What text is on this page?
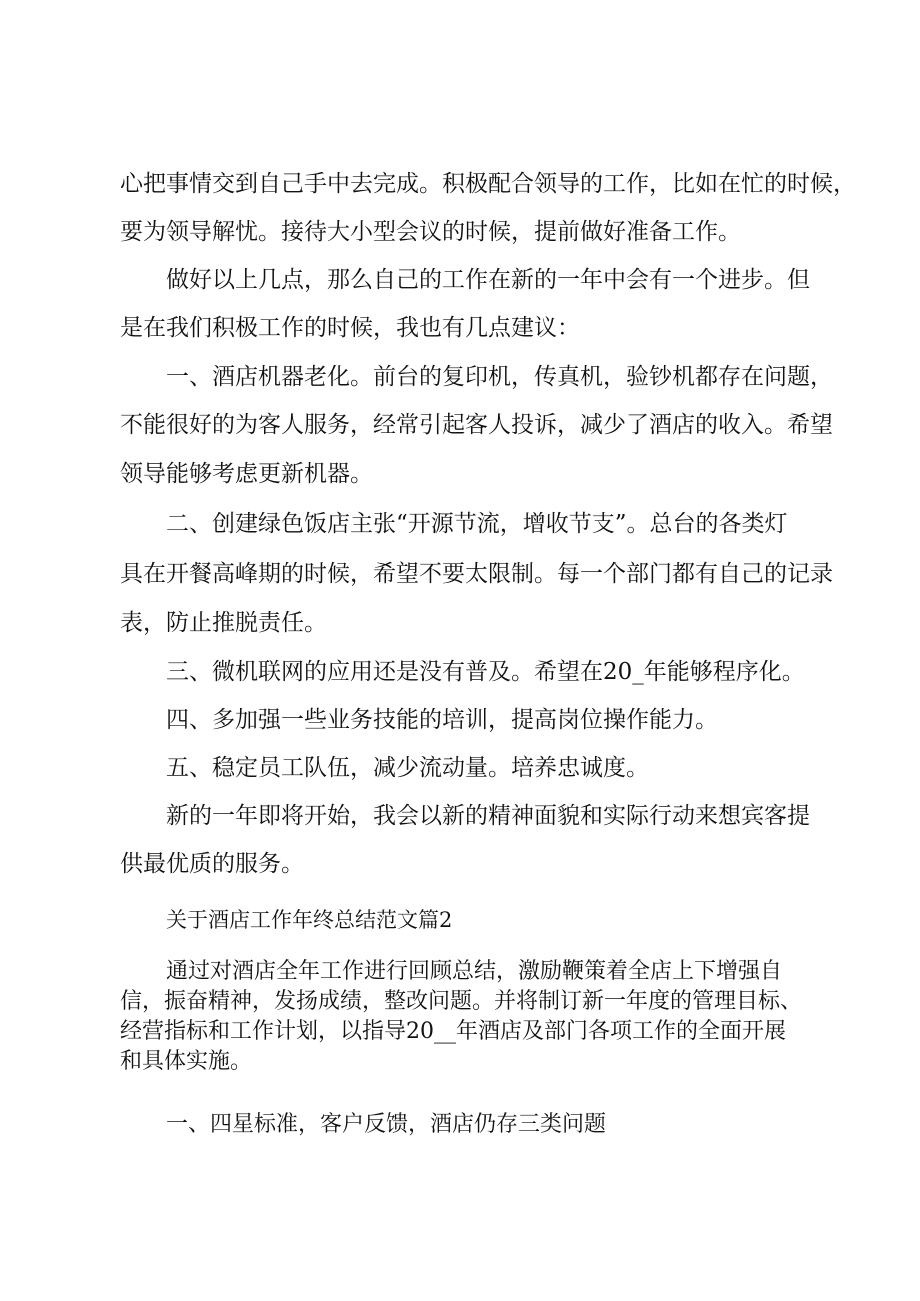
心把事情交到自己手中去完成。积极配合领导的工作，比如在忙的时候，
要为领导解忧。接待大小型会议的时候，提前做好准备工作。
做好以上几点，那么自己的工作在新的一年中会有一个进步。但
是在我们积极工作的时候，我也有几点建议：
一、酒店机器老化。前台的复印机，传真机，验钞机都存在问题，
不能很好的为客人服务，经常引起客人投诉，减少了酒店的收入。希望
领导能够考虑更新机器。
二、创建绿色饭店主张“开源节流，增收节支”。总台的各类灯
具在开餐高峰期的时候，希望不要太限制。每一个部门都有自己的记录
表，防止推脱责任。
三、微机联网的应用还是没有普及。希望在20_年能够程序化。
四、多加强一些业务技能的培训，提高岗位操作能力。
五、稳定员工队伍，减少流动量。培养忠诚度。
新的一年即将开始，我会以新的精神面貌和实际行动来想宾客提
供最优质的服务。
关于酒店工作年终总结范文篇2
通过对酒店全年工作进行回顾总结，激励鞭策着全店上下增强自
信，振奋精神，发扬成绩，整改问题。并将制订新一年度的管理目标、
经营指标和工作计划，以指导20__年酒店及部门各项工作的全面开展
和具体实施。
一、四星标准，客户反馈，酒店仍存三类问题
